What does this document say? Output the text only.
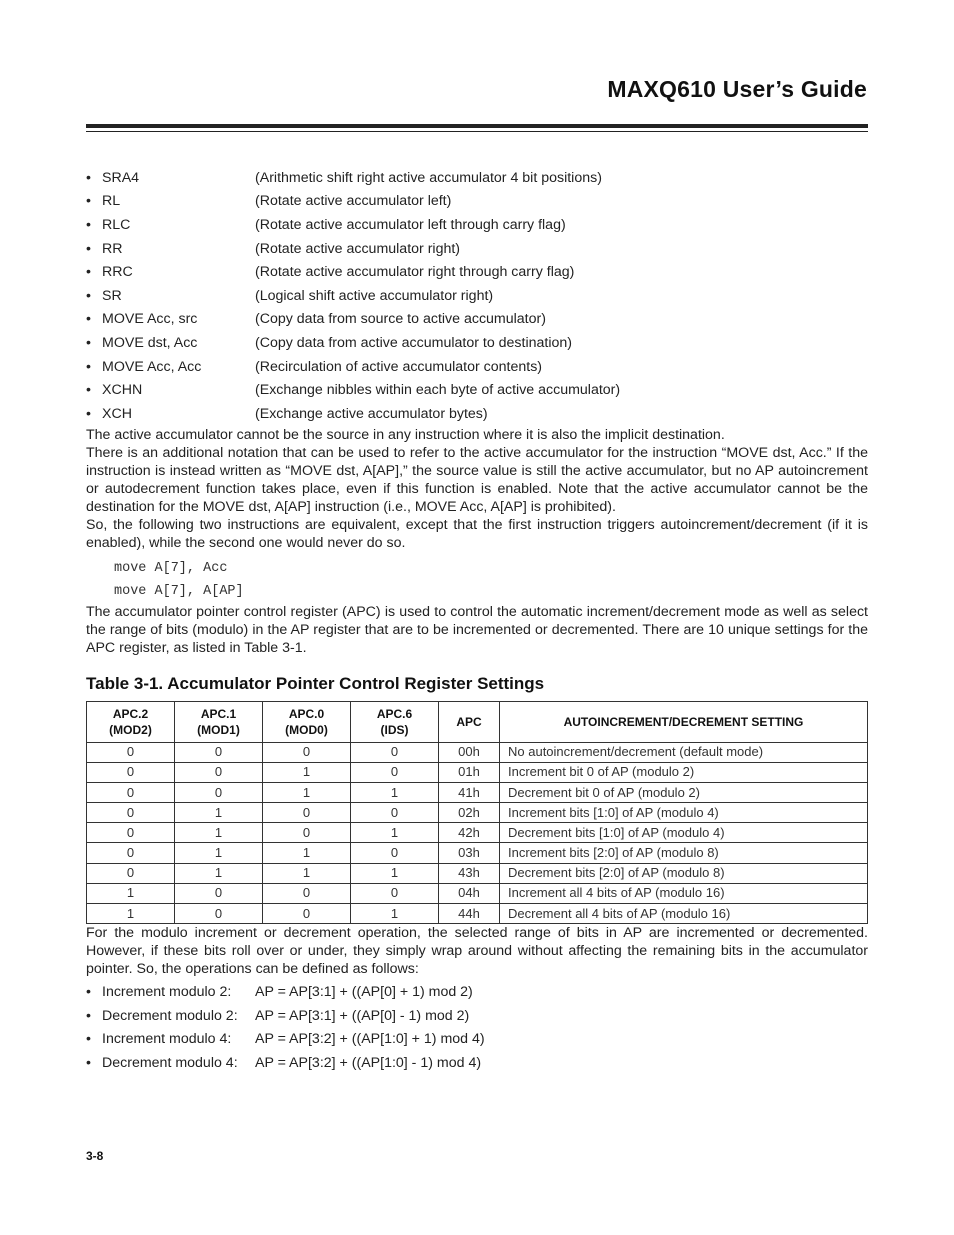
MAXQ610 User’s Guide
• SRA4	(Arithmetic shift right active accumulator 4 bit positions)
• RL	(Rotate active accumulator left)
• RLC	(Rotate active accumulator left through carry flag)
• RR	(Rotate active accumulator right)
• RRC	(Rotate active accumulator right through carry flag)
• SR	(Logical shift active accumulator right)
• MOVE Acc, src	(Copy data from source to active accumulator)
• MOVE dst, Acc	(Copy data from active accumulator to destination)
• MOVE Acc, Acc	(Recirculation of active accumulator contents)
• XCHN	(Exchange nibbles within each byte of active accumulator)
• XCH	(Exchange active accumulator bytes)

The active accumulator cannot be the source in any instruction where it is also the implicit destination.

There is an additional notation that can be used to refer to the active accumulator for the instruction “MOVE dst, Acc.” If the instruction is instead written as “MOVE dst, A[AP],” the source value is still the active accumulator, but no AP autoincrement or autodecrement function takes place, even if this function is enabled. Note that the active accumulator cannot be the destination for the MOVE dst, A[AP] instruction (i.e., MOVE Acc, A[AP] is prohibited).

So, the following two instructions are equivalent, except that the first instruction triggers autoincrement/decrement (if it is enabled), while the second one would never do so.

move A[7], Acc
move A[7], A[AP]

The accumulator pointer control register (APC) is used to control the automatic increment/decrement mode as well as select the range of bits (modulo) in the AP register that are to be incremented or decremented. There are 10 unique settings for the APC register, as listed in Table 3-1.

Table 3-1. Accumulator Pointer Control Register Settings
APC.2
(MOD2)	APC.1
(MOD1)	APC.0
(MOD0)	APC.6
(IDS)	APC	AUTOINCREMENT/DECREMENT SETTING
0	0	0	0	00h	No autoincrement/decrement (default mode)
0	0	1	0	01h	Increment bit 0 of AP (modulo 2)
0	0	1	1	41h	Decrement bit 0 of AP (modulo 2)
0	1	0	0	02h	Increment bits [1:0] of AP (modulo 4)
0	1	0	1	42h	Decrement bits [1:0] of AP (modulo 4)
0	1	1	0	03h	Increment bits [2:0] of AP (modulo 8)
0	1	1	1	43h	Decrement bits [2:0] of AP (modulo 8)
1	0	0	0	04h	Increment all 4 bits of AP (modulo 16)
1	0	0	1	44h	Decrement all 4 bits of AP (modulo 16)

For the modulo increment or decrement operation, the selected range of bits in AP are incremented or decremented. However, if these bits roll over or under, they simply wrap around without affecting the remaining bits in the accumulator pointer. So, the operations can be defined as follows:

• Increment modulo 2:	AP = AP[3:1] + ((AP[0] + 1) mod 2)
• Decrement modulo 2:	AP = AP[3:1] + ((AP[0] - 1) mod 2)
• Increment modulo 4:	AP = AP[3:2] + ((AP[1:0] + 1) mod 4)
• Decrement modulo 4:	AP = AP[3:2] + ((AP[1:0] - 1) mod 4)
3-8
